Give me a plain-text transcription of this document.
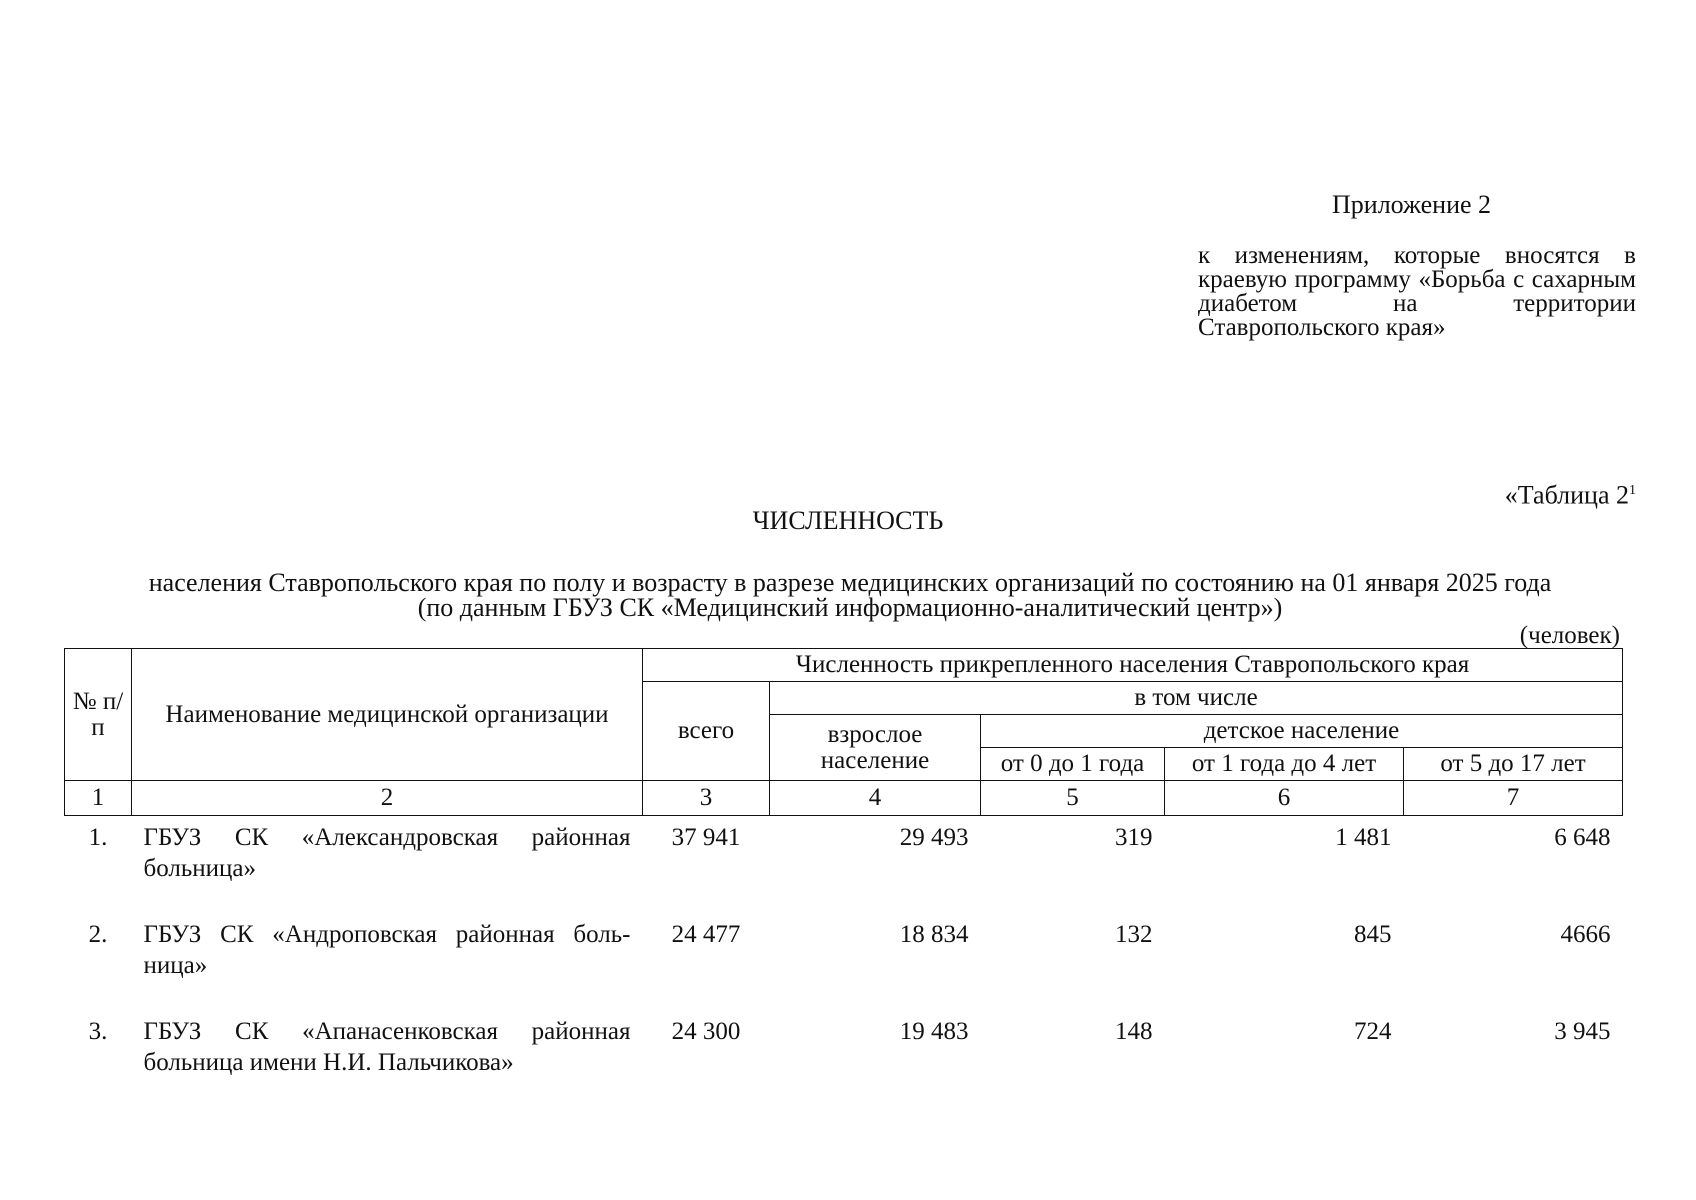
Приложение 2

к изменениям, которые вносятся в краевую программу «Борьба с сахарным диабетом на территории Ставропольского края»

«Таблица $2^1$
ЧИСЛЕННОСТЬ
населения Ставропольского края по полу и возрасту в разрезе медицинских организаций по состоянию на 01 января 2025 года
(по данным ГБУЗ СК «Медицинский информационно-аналитический центр»)
(человек)
№ п/п	Наименование медицинской организации	Численность прикрепленного населения Ставропольского края				
		всего	в том числе			
			взрослое население	детское население		
				от 0 до 1 года	от 1 года до 4 лет	от 5 до 17 лет
1	2	3	4	5	6	7
1.	ГБУЗ СК «Александровская районная больница»	37 941	29 493	319	1 481	6 648
2.	ГБУЗ СК «Андроповская районная боль-ница»	24 477	18 834	132	845	4666
3.	ГБУЗ СК «Апанасенковская районная больница имени Н.И. Пальчикова»	24 300	19 483	148	724	3 945
